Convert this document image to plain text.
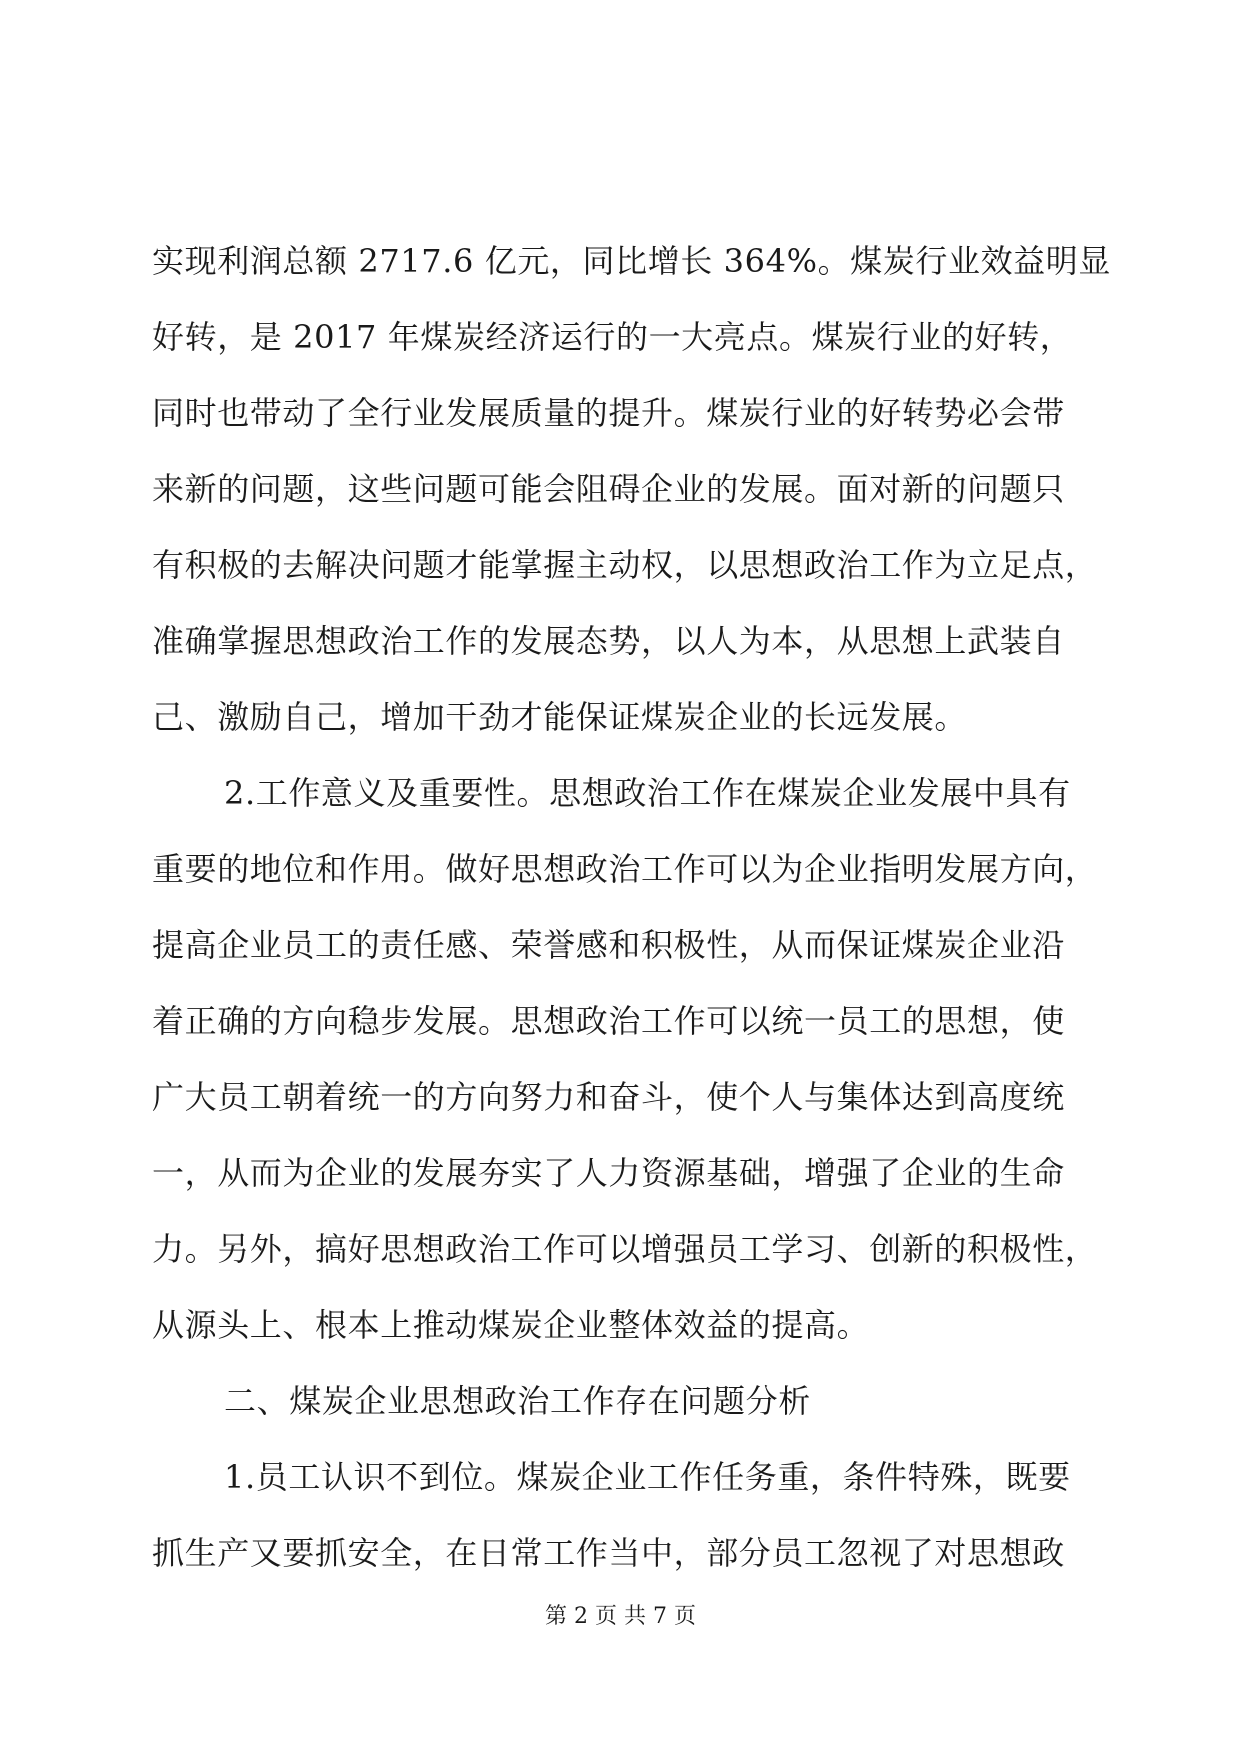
实现利润总额 2717.6 亿元，同比增长 364%。煤炭行业效益明显
好转，是 2017 年煤炭经济运行的一大亮点。煤炭行业的好转，
同时也带动了全行业发展质量的提升。煤炭行业的好转势必会带
来新的问题，这些问题可能会阻碍企业的发展。面对新的问题只
有积极的去解决问题才能掌握主动权，以思想政治工作为立足点，
准确掌握思想政治工作的发展态势，以人为本，从思想上武装自
己、激励自己，增加干劲才能保证煤炭企业的长远发展。
2.工作意义及重要性。思想政治工作在煤炭企业发展中具有
重要的地位和作用。做好思想政治工作可以为企业指明发展方向，
提高企业员工的责任感、荣誉感和积极性，从而保证煤炭企业沿
着正确的方向稳步发展。思想政治工作可以统一员工的思想，使
广大员工朝着统一的方向努力和奋斗，使个人与集体达到高度统
一，从而为企业的发展夯实了人力资源基础，增强了企业的生命
力。另外，搞好思想政治工作可以增强员工学习、创新的积极性，
从源头上、根本上推动煤炭企业整体效益的提高。
二、煤炭企业思想政治工作存在问题分析
1.员工认识不到位。煤炭企业工作任务重，条件特殊，既要
抓生产又要抓安全，在日常工作当中，部分员工忽视了对思想政
第 2 页 共 7 页
